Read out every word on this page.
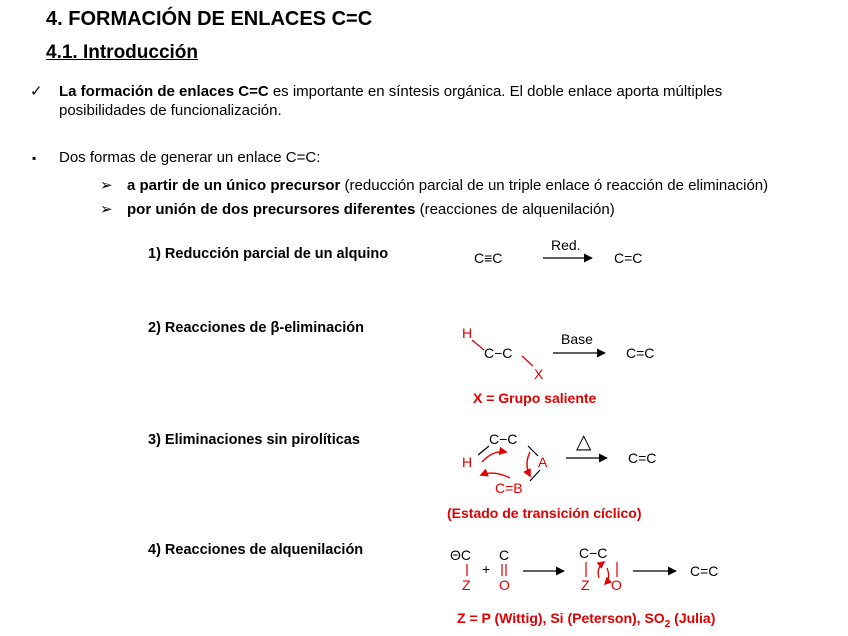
4. FORMACIÓN DE ENLACES C=C
4.1. Introducción
✓ La formación de enlaces C=C es importante en síntesis orgánica. El doble enlace aporta múltiples
posibilidades de funcionalización.
▪ Dos formas de generar un enlace C=C:
➢ a partir de un único precursor (reducción parcial de un triple enlace ó reacción de eliminación)
➢ por unión de dos precursores diferentes (reacciones de alquenilación)
1) Reducción parcial de un alquino
2) Reacciones de β-eliminación
3) Eliminaciones sin pirolíticas
4) Reacciones de alquenilación
C≡C
Red.
C=C
H
C−C
X
Base
C=C
X = Grupo saliente
C−C
H	A
C=B
△
C=C
(Estado de transición cíclico)
ΘC
Z
+
C
O
C−C
Z O
C=C
Z = P (Wittig), Si (Peterson), $SO_2$ (Julia)
